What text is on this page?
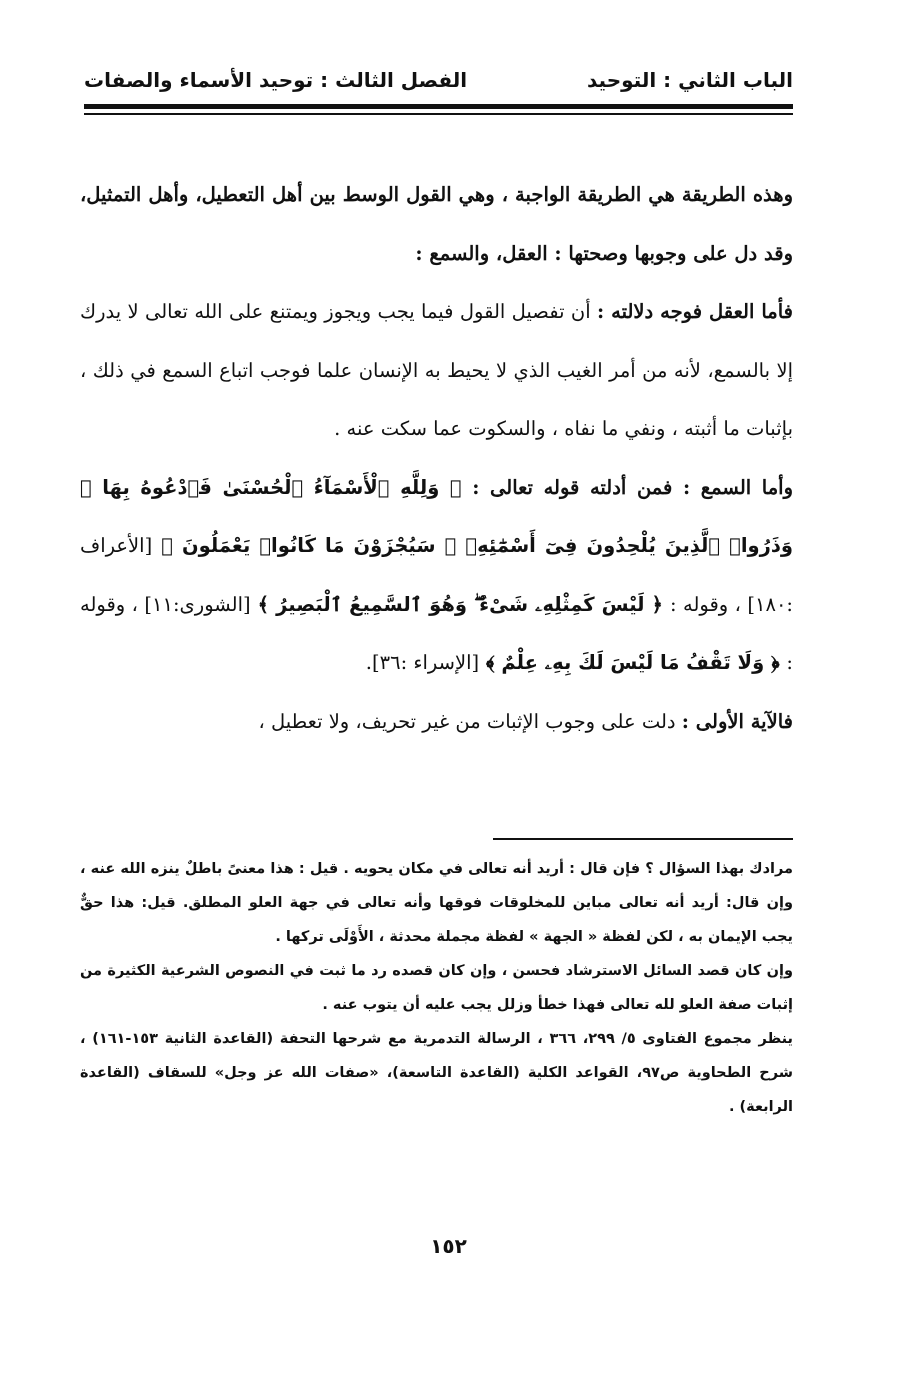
الباب الثاني : التوحيد
الفصل الثالث : توحيد الأسماء والصفات

وهذه الطريقة هي الطريقة الواجبة ، وهي القول الوسط بين أهل التعطيل، وأهل التمثيل، وقد دل على وجوبها وصحتها : العقل، والسمع :

فأما العقل فوجه دلالته : أن تفصيل القول فيما يجب ويجوز ويمتنع على الله تعالى لا يدرك إلا بالسمع، لأنه من أمر الغيب الذي لا يحيط به الإنسان علما فوجب اتباع السمع في ذلك ، بإثبات ما أثبته ، ونفي ما نفاه ، والسكوت عما سكت عنه .

وأما السمع : فمن أدلته قوله تعالى : ﴿ وَلِلَّهِ ٱلْأَسْمَآءُ ٱلْحُسْنَىٰ فَٱدْعُوهُ بِهَا ۖ وَذَرُوا۟ ٱلَّذِينَ يُلْحِدُونَ فِىٓ أَسْمَٰٓئِهِۦ ۚ سَيُجْزَوْنَ مَا كَانُوا۟ يَعْمَلُونَ ﴾ [الأعراف :١٨٠] ، وقوله : ﴿ لَيْسَ كَمِثْلِهِۦ شَىْءٌ ۖ وَهُوَ ٱلسَّمِيعُ ٱلْبَصِيرُ ﴾ [الشورى:١١] ، وقوله : ﴿ وَلَا تَقْفُ مَا لَيْسَ لَكَ بِهِۦ عِلْمٌ ﴾ [الإسراء :٣٦].

فالآية الأولى : دلت على وجوب الإثبات من غير تحريف، ولا تعطيل ،

مرادك بهذا السؤال ؟ فإن قال : أريد أنه تعالى في مكان يحويه . قيل : هذا معنىً باطلٌ ينزه الله عنه ، وإن قال: أريد أنه تعالى مباين للمخلوقات فوقها وأنه تعالى في جهة العلو المطلق. قيل: هذا حقٌّ يجب الإيمان به ، لكن لفظة « الجهة » لفظة مجملة محدثة ، الأَوْلَى تركها .

وإن كان قصد السائل الاسترشاد فحسن ، وإن كان قصده رد ما ثبت في النصوص الشرعية الكثيرة من إثبات صفة العلو لله تعالى فهذا خطأ وزلل يجب عليه أن يتوب عنه .

ينظر مجموع الفتاوى ٥/ ٢٩٩، ٣٦٦ ، الرسالة التدمرية مع شرحها التحفة (القاعدة الثانية ١٥٣-١٦١) ، شرح الطحاوية ص٩٧، القواعد الكلية (القاعدة التاسعة)، «صفات الله عز وجل» للسقاف (القاعدة الرابعة) .

١٥٢
